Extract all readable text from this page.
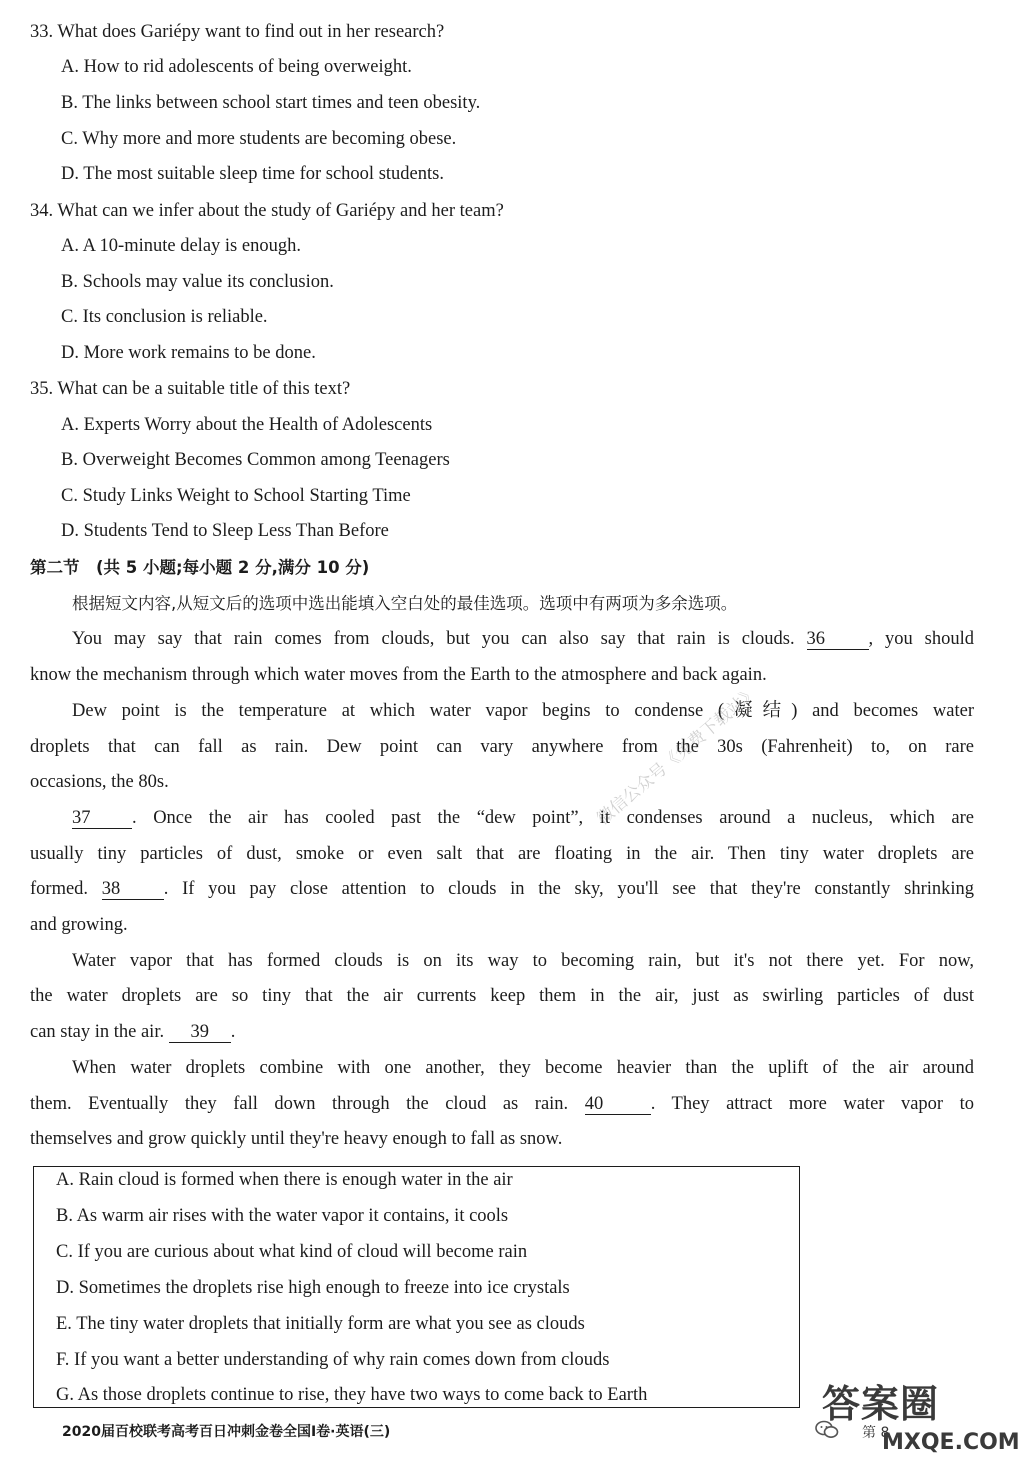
33. What does Gariépy want to find out in her research?
A. How to rid adolescents of being overweight.
B. The links between school start times and teen obesity.
C. Why more and more students are becoming obese.
D. The most suitable sleep time for school students.
34. What can we infer about the study of Gariépy and her team?
A. A 10-minute delay is enough.
B. Schools may value its conclusion.
C. Its conclusion is reliable.
D. More work remains to be done.
35. What can be a suitable title of this text?
A. Experts Worry about the Health of Adolescents
B. Overweight Becomes Common among Teenagers
C. Study Links Weight to School Starting Time
D. Students Tend to Sleep Less Than Before
第二节　(共 5 小题;每小题 2 分,满分 10 分)
根据短文内容,从短文后的选项中选出能填入空白处的最佳选项。选项中有两项为多余选项。
You may say that rain comes from clouds, but you can also say that rain is clouds. 36 , you should
know the mechanism through which water moves from the Earth to the atmosphere and back again.
Dew point is the temperature at which water vapor begins to condense (凝结) and becomes water
droplets that can fall as rain. Dew point can vary anywhere from the 30s (Fahrenheit) to, on rare
occasions, the 80s.
37 . Once the air has cooled past the “dew point”, it condenses around a nucleus, which are
usually tiny particles of dust, smoke or even salt that are floating in the air. Then tiny water droplets are
formed. 38 . If you pay close attention to clouds in the sky, you'll see that they're constantly shrinking
and growing.
Water vapor that has formed clouds is on its way to becoming rain, but it's not there yet. For now,
the water droplets are so tiny that the air currents keep them in the air, just as swirling particles of dust
can stay in the air. 39 .
When water droplets combine with one another, they become heavier than the uplift of the air around
them. Eventually they fall down through the cloud as rain. 40	. They attract more water vapor to
themselves and grow quickly until they're heavy enough to fall as snow.
A. Rain cloud is formed when there is enough water in the air
B. As warm air rises with the water vapor it contains, it cools
C. If you are curious about what kind of cloud will become rain
D. Sometimes the droplets rise high enough to freeze into ice crystals
E. The tiny water droplets that initially form are what you see as clouds
F. If you want a better understanding of why rain comes down from clouds
G. As those droplets continue to rise, they have two ways to come back to Earth
微信公众号《免费下载站》
2020届百校联考高考百日冲刺金卷全国Ⅰ卷·英语(三)	第 8
答案圈
MXQE.COM
